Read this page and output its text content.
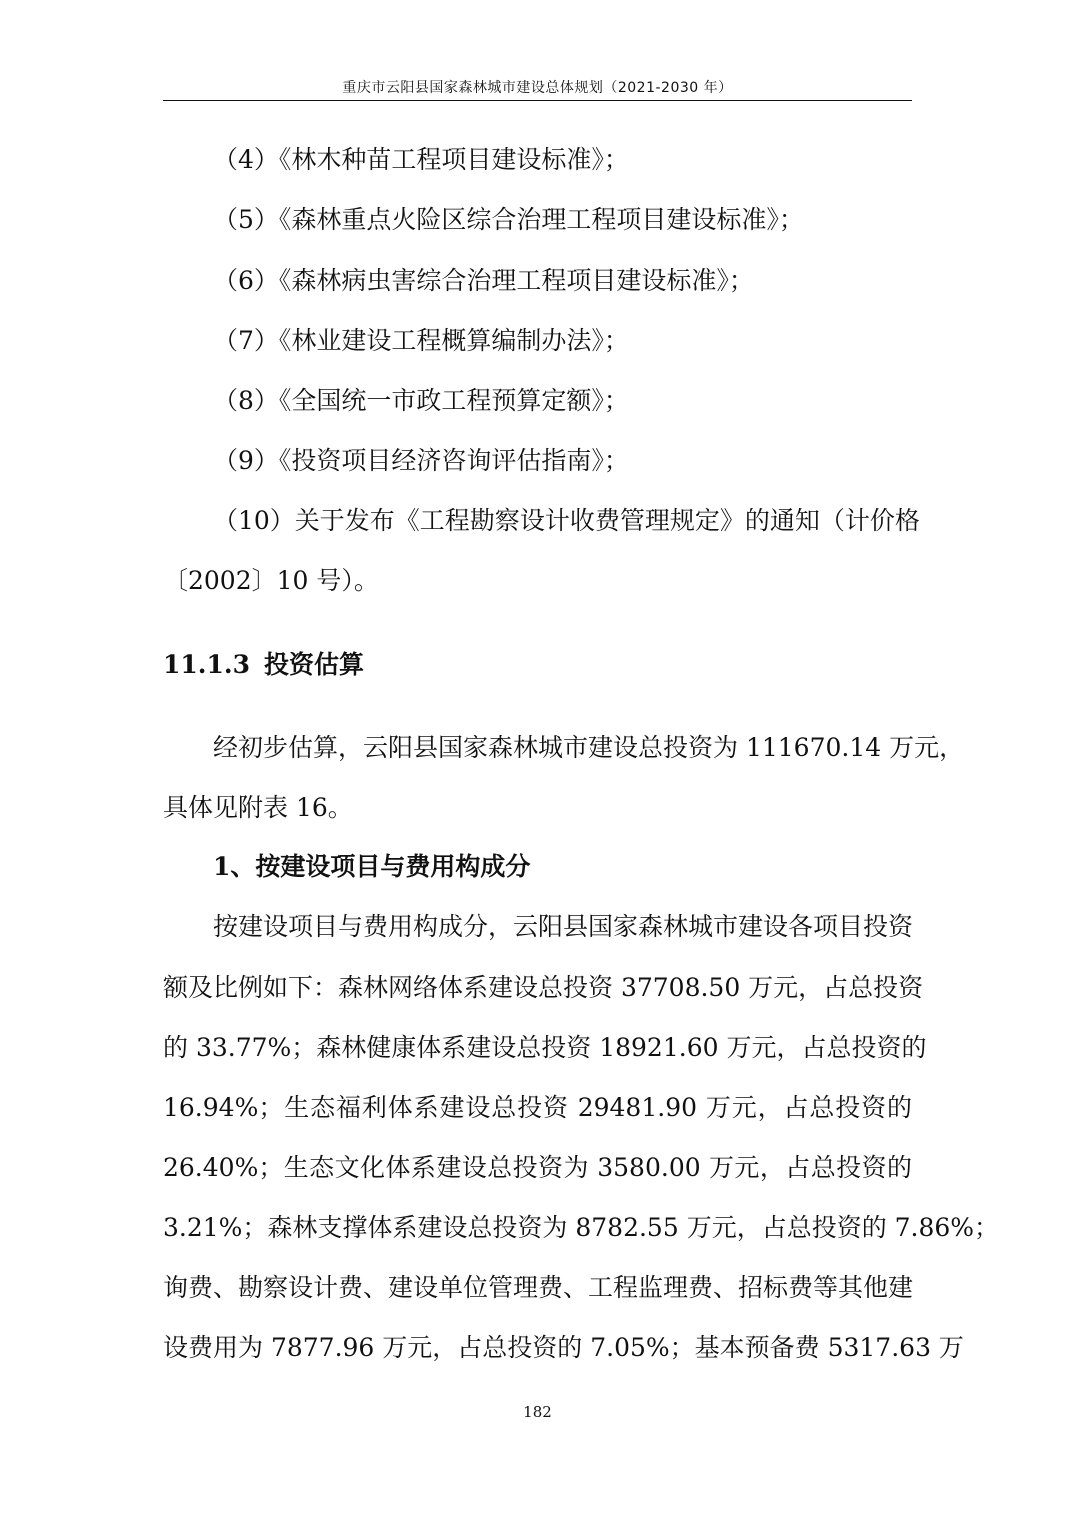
重庆市云阳县国家森林城市建设总体规划（2021-2030 年）
（4）《林木种苗工程项目建设标准》；
（5）《森林重点火险区综合治理工程项目建设标准》；
（6）《森林病虫害综合治理工程项目建设标准》；
（7）《林业建设工程概算编制办法》；
（8）《全国统一市政工程预算定额》；
（9）《投资项目经济咨询评估指南》；
（10）关于发布《工程勘察设计收费管理规定》的通知（计价格
〔2002〕10 号）。
11.1.3 投资估算
经初步估算，云阳县国家森林城市建设总投资为 111670.14 万元，
具体见附表 16。
1、按建设项目与费用构成分
按建设项目与费用构成分，云阳县国家森林城市建设各项目投资
额及比例如下：森林网络体系建设总投资 37708.50 万元，占总投资
的 33.77%；森林健康体系建设总投资 18921.60 万元，占总投资的
16.94%；生态福利体系建设总投资 29481.90 万元，占总投资的
26.40%；生态文化体系建设总投资为 3580.00 万元，占总投资的
3.21%；森林支撑体系建设总投资为 8782.55 万元，占总投资的 7.86%；
询费、勘察设计费、建设单位管理费、工程监理费、招标费等其他建
设费用为 7877.96 万元，占总投资的 7.05%；基本预备费 5317.63 万
182
